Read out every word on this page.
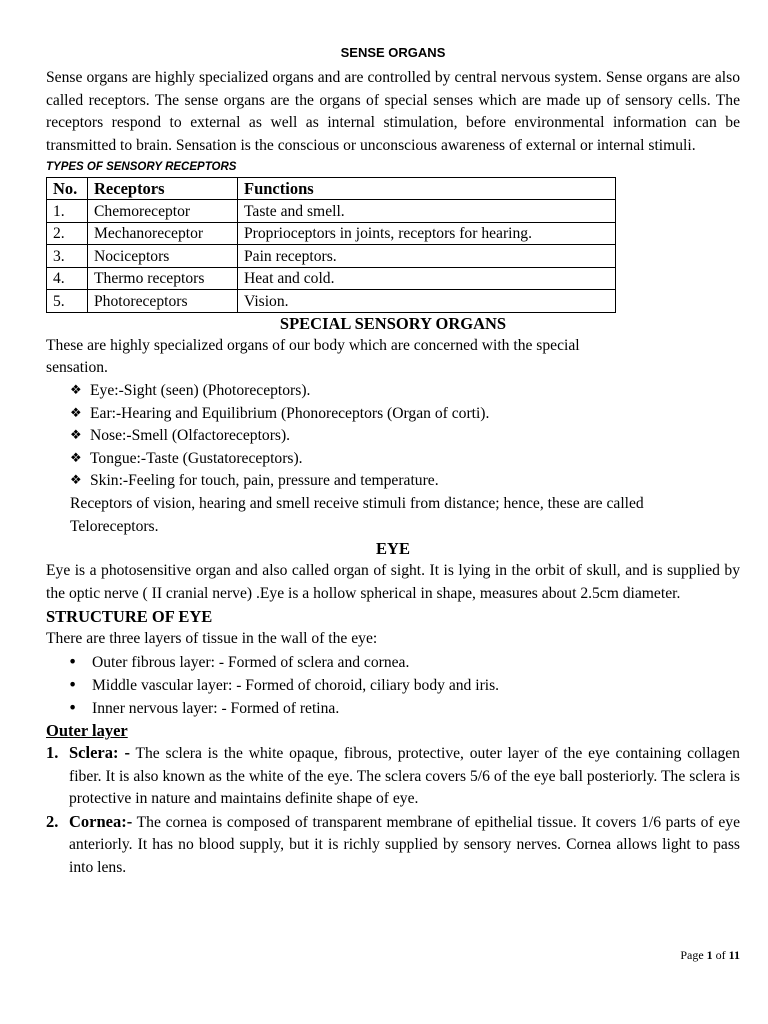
SENSE ORGANS

Sense organs are highly specialized organs and are controlled by central nervous system. Sense organs are also called receptors. The sense organs are the organs of special senses which are made up of sensory cells. The receptors respond to external as well as internal stimulation, before environmental information can be transmitted to brain. Sensation is the conscious or unconscious awareness of external or internal stimuli.

TYPES OF SENSORY RECEPTORS
No.	Receptors	Functions
1.	Chemoreceptor	Taste and smell.
2.	Mechanoreceptor	Proprioceptors in joints, receptors for hearing.
3.	Nociceptors	Pain receptors.
4.	Thermo receptors	Heat and cold.
5.	Photoreceptors	Vision.
SPECIAL SENSORY ORGANS

These are highly specialized organs of our body which are concerned with the special

sensation.

❖ Eye:-Sight (seen) (Photoreceptors).
❖ Ear:-Hearing and Equilibrium (Phonoreceptors (Organ of corti).
❖ Nose:-Smell (Olfactoreceptors).
❖ Tongue:-Taste (Gustatoreceptors).
❖ Skin:-Feeling for touch, pain, pressure and temperature.

Receptors of vision, hearing and smell receive stimuli from distance; hence, these are called

Teloreceptors.

EYE

Eye is a photosensitive organ and also called organ of sight. It is lying in the orbit of skull, and is supplied by the optic nerve ( II cranial nerve) .Eye is a hollow spherical in shape, measures about 2.5cm diameter.

STRUCTURE OF EYE

There are three layers of tissue in the wall of the eye:

• Outer fibrous layer: - Formed of sclera and cornea.
• Middle vascular layer: - Formed of choroid, ciliary body and iris.
• Inner nervous layer: - Formed of retina.
Outer layer
1. Sclera: - The sclera is the white opaque, fibrous, protective, outer layer of the eye containing collagen fiber. It is also known as the white of the eye. The sclera covers 5/6 of the eye ball posteriorly. The sclera is protective in nature and maintains definite shape of eye.
2. Cornea:- The cornea is composed of transparent membrane of epithelial tissue. It covers 1/6 parts of eye anteriorly. It has no blood supply, but it is richly supplied by sensory nerves. Cornea allows light to pass into lens.
Page 1 of 11
